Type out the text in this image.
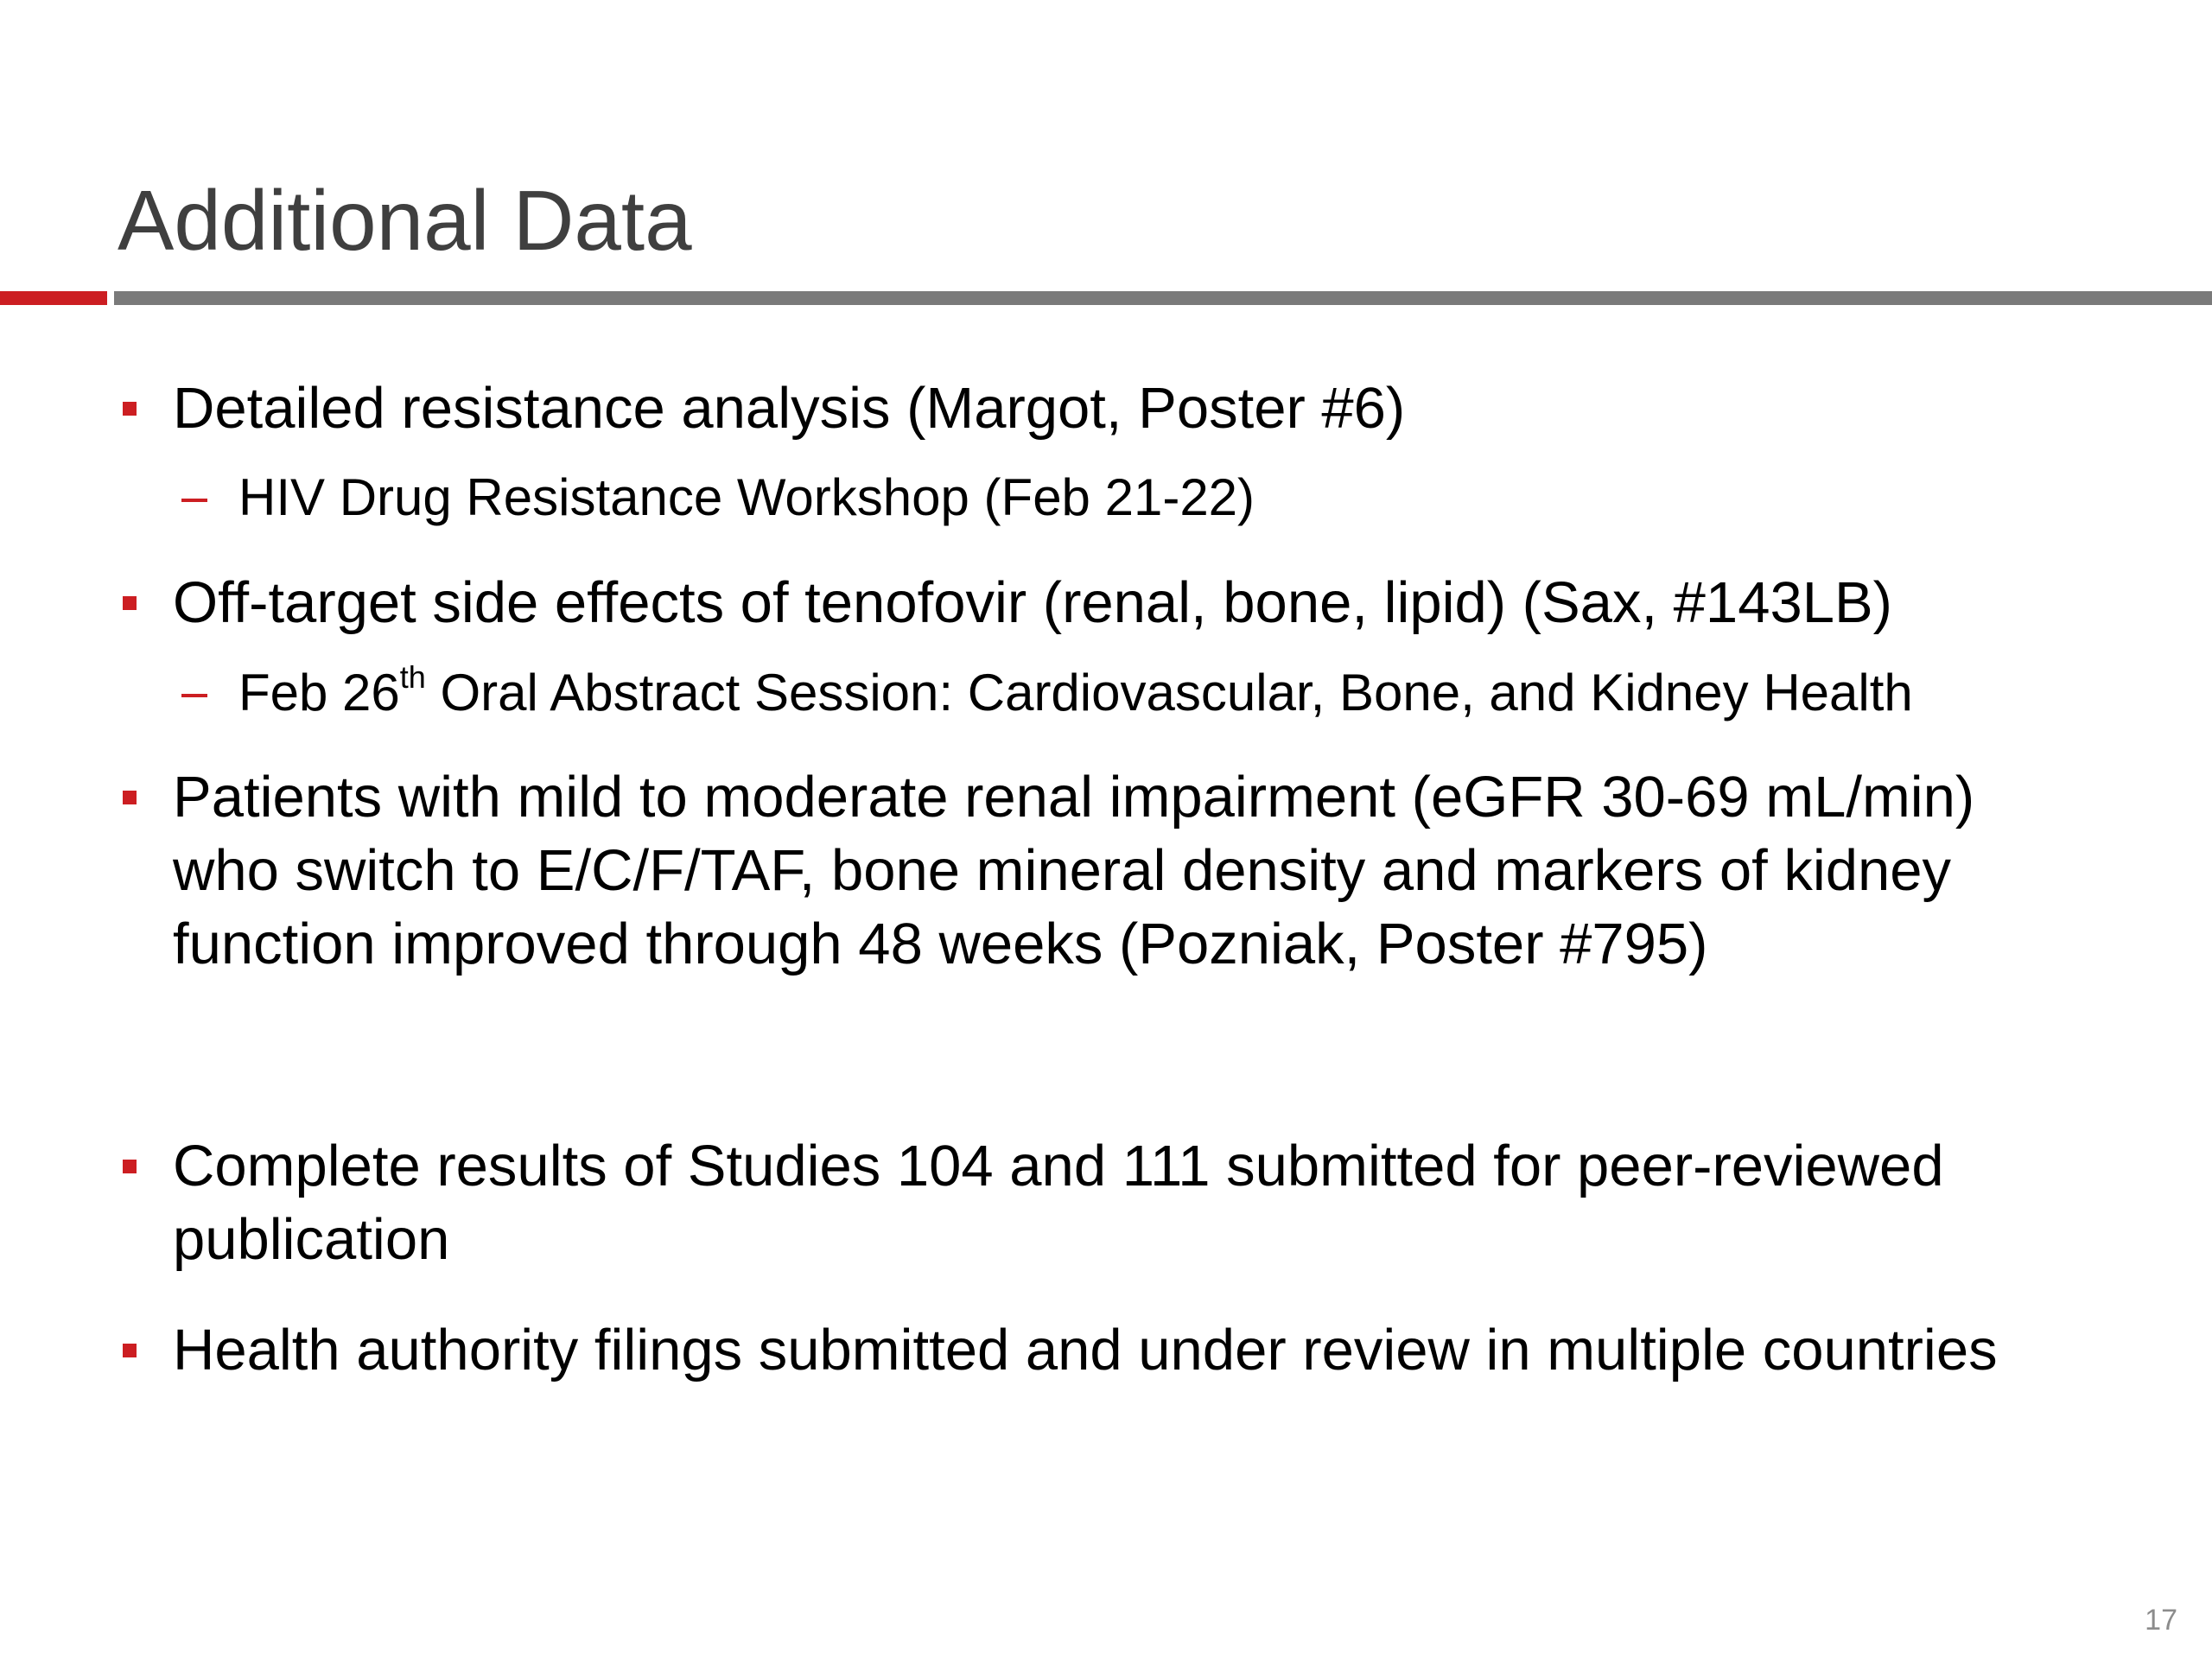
Additional Data
Detailed resistance analysis (Margot, Poster #6)
HIV Drug Resistance Workshop (Feb 21-22)
Off-target side effects of tenofovir (renal, bone, lipid) (Sax, #143LB)
Feb 26th Oral Abstract Session: Cardiovascular, Bone, and Kidney Health
Patients with mild to moderate renal impairment (eGFR 30-69 mL/min)
who switch to E/C/F/TAF, bone mineral density and markers of kidney
function improved through 48 weeks (Pozniak, Poster #795)
Complete results of Studies 104 and 111 submitted for peer-reviewed
publication
Health authority filings submitted and under review in multiple countries
17
